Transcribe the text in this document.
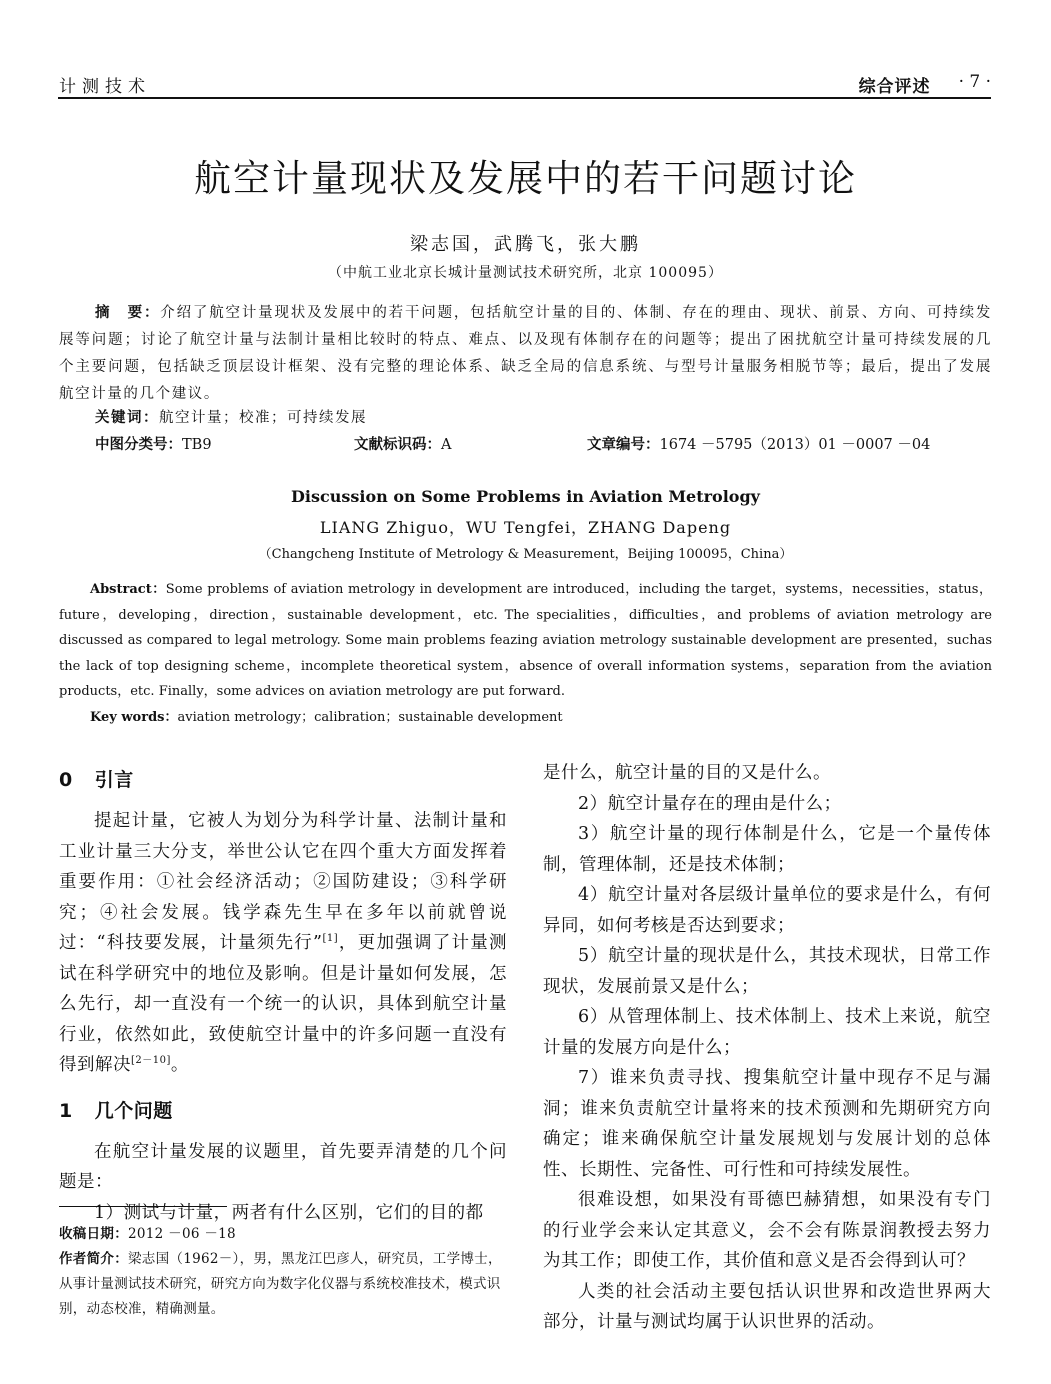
计测技术	综合评述 · 7 ·
航空计量现状及发展中的若干问题讨论
梁志国，武腾飞，张大鹏
（中航工业北京长城计量测试技术研究所，北京 100095）
摘　要：介绍了航空计量现状及发展中的若干问题，包括航空计量的目的、体制、存在的理由、现状、前景、方向、可持续发展等问题；讨论了航空计量与法制计量相比较时的特点、难点、以及现有体制存在的问题等；提出了困扰航空计量可持续发展的几个主要问题，包括缺乏顶层设计框架、没有完整的理论体系、缺乏全局的信息系统、与型号计量服务相脱节等；最后，提出了发展航空计量的几个建议。
关键词：航空计量；校准；可持续发展
中图分类号：TB9	文献标识码：A	文章编号：1674 －5795（2013）01 －0007 －04
Discussion on Some Problems in Aviation Metrology
LIANG Zhiguo，WU Tengfei，ZHANG Dapeng
（Changcheng Institute of Metrology & Measurement，Beijing 100095，China）
Abstract：Some problems of aviation metrology in development are introduced，including the target，systems，necessities，status，future，developing，direction，sustainable development，etc. The specialities，difficulties，and problems of aviation metrology are discussed as compared to legal metrology. Some main problems feazing aviation metrology sustainable development are presented，suchas the lack of top designing scheme，incomplete theoretical system，absence of overall information systems，separation from the aviation products，etc. Finally，some advices on aviation metrology are put forward.
Key words：aviation metrology；calibration；sustainable development
0 引言

提起计量，它被人为划分为科学计量、法制计量和工业计量三大分支，举世公认它在四个重大方面发挥着重要作用：①社会经济活动；②国防建设；③科学研究；④社会发展。钱学森先生早在多年以前就曾说过：“科技要发展，计量须先行”[1]，更加强调了计量测试在科学研究中的地位及影响。但是计量如何发展，怎么先行，却一直没有一个统一的认识，具体到航空计量行业，依然如此，致使航空计量中的许多问题一直没有得到解决[2－10]。

1 几个问题

在航空计量发展的议题里，首先要弄清楚的几个问题是：

1）测试与计量，两者有什么区别，它们的目的都

收稿日期：2012 －06 －18
作者简介：梁志国（1962－），男，黑龙江巴彦人，研究员，工学博士，从事计量测试技术研究，研究方向为数字化仪器与系统校准技术，模式识别，动态校准，精确测量。

是什么，航空计量的目的又是什么。

2）航空计量存在的理由是什么；

3）航空计量的现行体制是什么，它是一个量传体制，管理体制，还是技术体制；

4）航空计量对各层级计量单位的要求是什么，有何异同，如何考核是否达到要求；

5）航空计量的现状是什么，其技术现状，日常工作现状，发展前景又是什么；

6）从管理体制上、技术体制上、技术上来说，航空计量的发展方向是什么；

7）谁来负责寻找、搜集航空计量中现存不足与漏洞；谁来负责航空计量将来的技术预测和先期研究方向确定；谁来确保航空计量发展规划与发展计划的总体性、长期性、完备性、可行性和可持续发展性。

很难设想，如果没有哥德巴赫猜想，如果没有专门的行业学会来认定其意义，会不会有陈景润教授去努力为其工作；即使工作，其价值和意义是否会得到认可？

人类的社会活动主要包括认识世界和改造世界两大部分，计量与测试均属于认识世界的活动。
